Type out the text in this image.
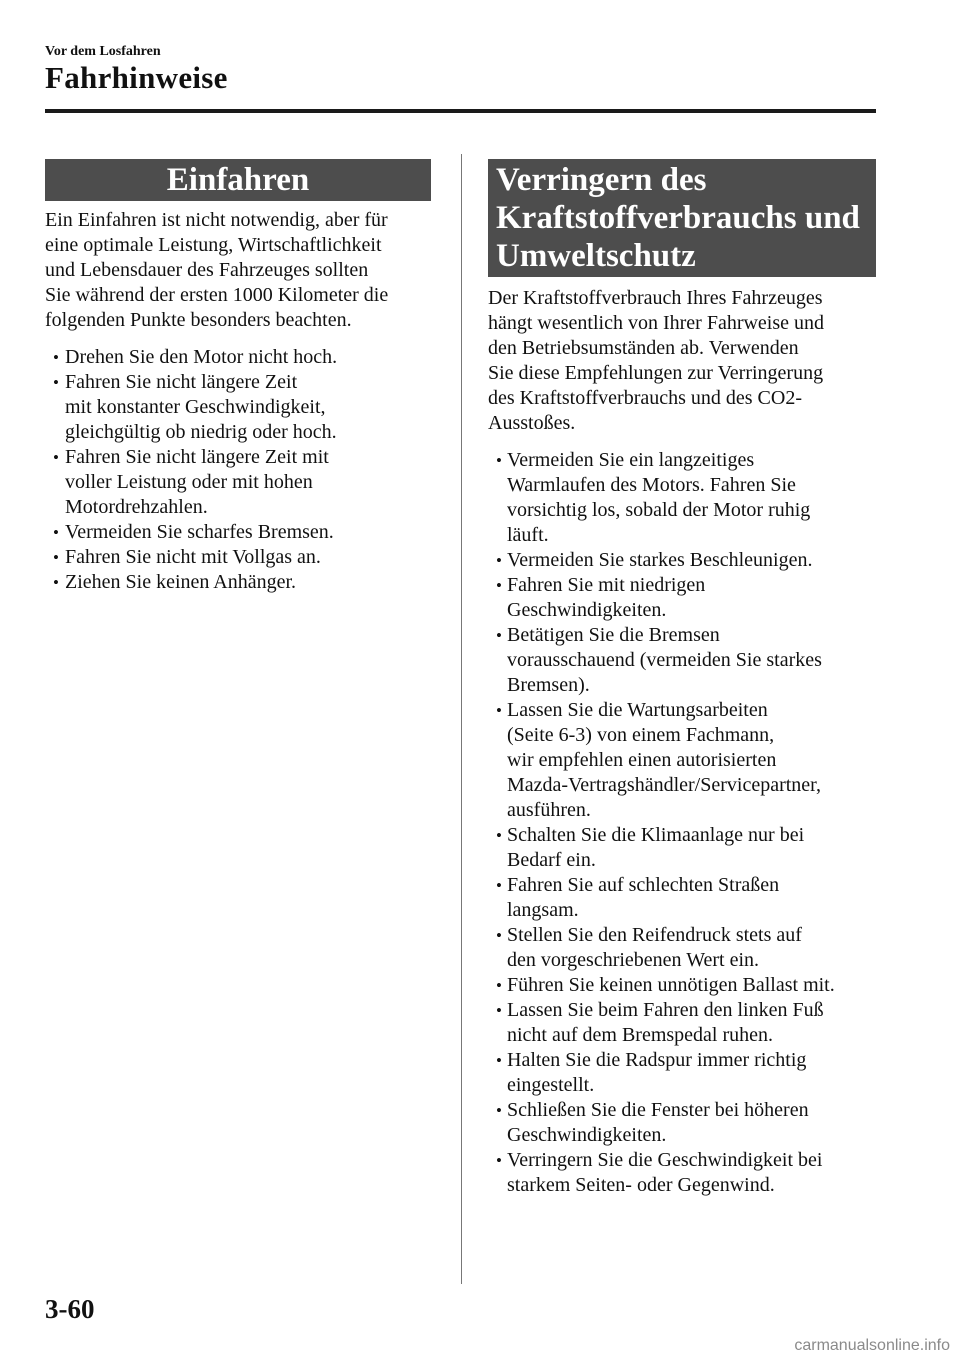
Vor dem Losfahren
Fahrhinweise
Einfahren	Verringern des
Kraftstoffverbrauchs und
Umweltschutz

Ein Einfahren ist nicht notwendig, aber für
eine optimale Leistung, Wirtschaftlichkeit
und Lebensdauer des Fahrzeuges sollten
Sie während der ersten 1000 Kilometer die
folgenden Punkte besonders beachten.

• Drehen Sie den Motor nicht hoch.
• Fahren Sie nicht längere Zeit
mit konstanter Geschwindigkeit,
gleichgültig ob niedrig oder hoch.
• Fahren Sie nicht längere Zeit mit
voller Leistung oder mit hohen
Motordrehzahlen.
• Vermeiden Sie scharfes Bremsen.
• Fahren Sie nicht mit Vollgas an.
• Ziehen Sie keinen Anhänger.

Der Kraftstoffverbrauch Ihres Fahrzeuges
hängt wesentlich von Ihrer Fahrweise und
den Betriebsumständen ab. Verwenden
Sie diese Empfehlungen zur Verringerung
des Kraftstoffverbrauchs und des CO2-
Ausstoßes.

• Vermeiden Sie ein langzeitiges
Warmlaufen des Motors. Fahren Sie
vorsichtig los, sobald der Motor ruhig
läuft.
• Vermeiden Sie starkes Beschleunigen.
• Fahren Sie mit niedrigen
Geschwindigkeiten.
• Betätigen Sie die Bremsen
vorausschauend (vermeiden Sie starkes
Bremsen).
• Lassen Sie die Wartungsarbeiten
(Seite 6-3) von einem Fachmann,
wir empfehlen einen autorisierten
Mazda-Vertragshändler/Servicepartner,
ausführen.
• Schalten Sie die Klimaanlage nur bei
Bedarf ein.
• Fahren Sie auf schlechten Straßen
langsam.
• Stellen Sie den Reifendruck stets auf
den vorgeschriebenen Wert ein.
• Führen Sie keinen unnötigen Ballast mit.
• Lassen Sie beim Fahren den linken Fuß
nicht auf dem Bremspedal ruhen.
• Halten Sie die Radspur immer richtig
eingestellt.
• Schließen Sie die Fenster bei höheren
Geschwindigkeiten.
• Verringern Sie die Geschwindigkeit bei
starkem Seiten- oder Gegenwind.
3-60
carmanualsonline.info
